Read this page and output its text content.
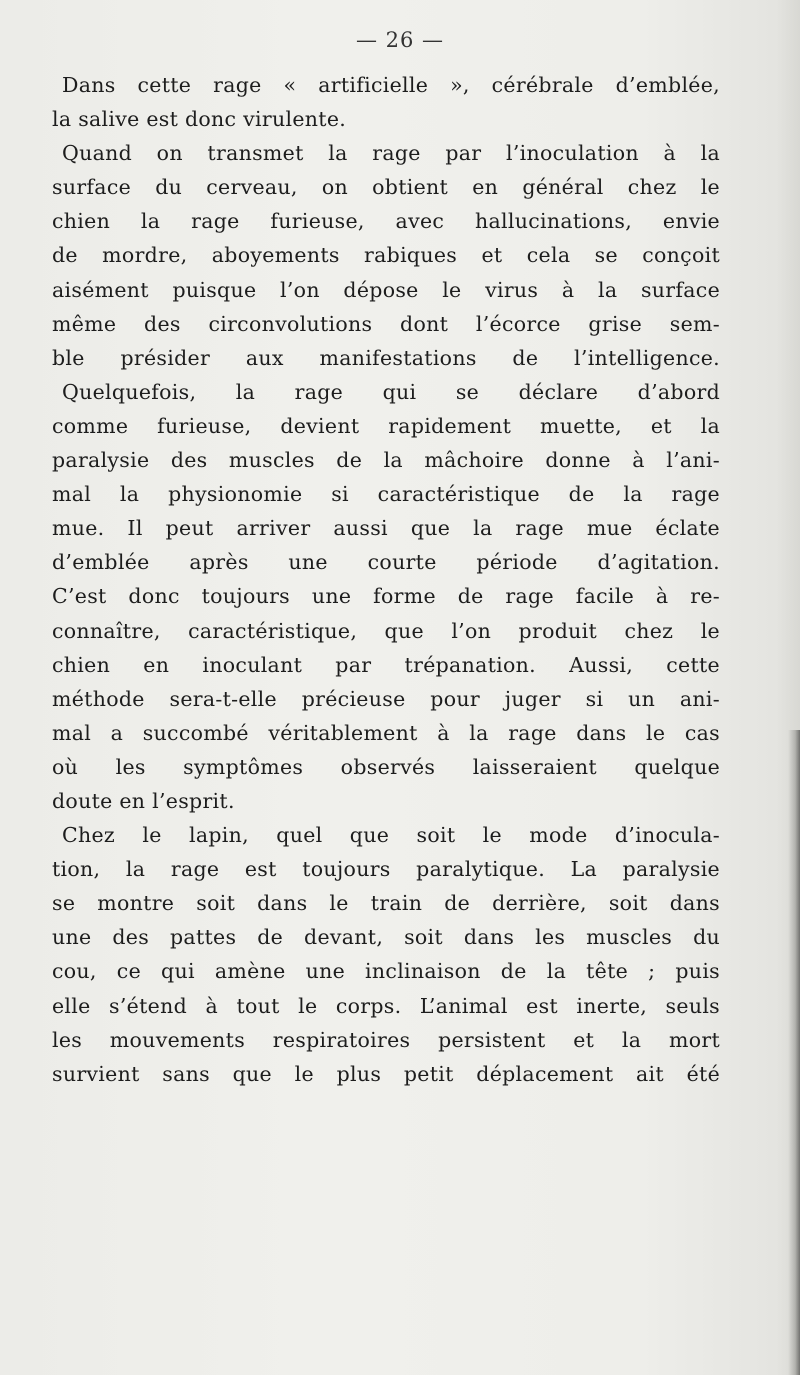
— 26 —
Dans cette rage « artificielle », cérébrale d’emblée,
la salive est donc virulente.
Quand on transmet la rage par l’inoculation à la
surface du cerveau, on obtient en général chez le
chien la rage furieuse, avec hallucinations, envie
de mordre, aboyements rabiques et cela se conçoit
aisément puisque l’on dépose le virus à la surface
même des circonvolutions dont l’écorce grise sem-
ble présider aux manifestations de l’intelligence.
Quelquefois, la rage qui se déclare d’abord
comme furieuse, devient rapidement muette, et la
paralysie des muscles de la mâchoire donne à l’ani-
mal la physionomie si caractéristique de la rage
mue. Il peut arriver aussi que la rage mue éclate
d’emblée après une courte période d’agitation.
C’est donc toujours une forme de rage facile à re-
connaître, caractéristique, que l’on produit chez le
chien en inoculant par trépanation. Aussi, cette
méthode sera-t-elle précieuse pour juger si un ani-
mal a succombé véritablement à la rage dans le cas
où les symptômes observés laisseraient quelque
doute en l’esprit.
Chez le lapin, quel que soit le mode d’inocula-
tion, la rage est toujours paralytique. La paralysie
se montre soit dans le train de derrière, soit dans
une des pattes de devant, soit dans les muscles du
cou, ce qui amène une inclinaison de la tête ; puis
elle s’étend à tout le corps. L’animal est inerte, seuls
les mouvements respiratoires persistent et la mort
survient sans que le plus petit déplacement ait été
